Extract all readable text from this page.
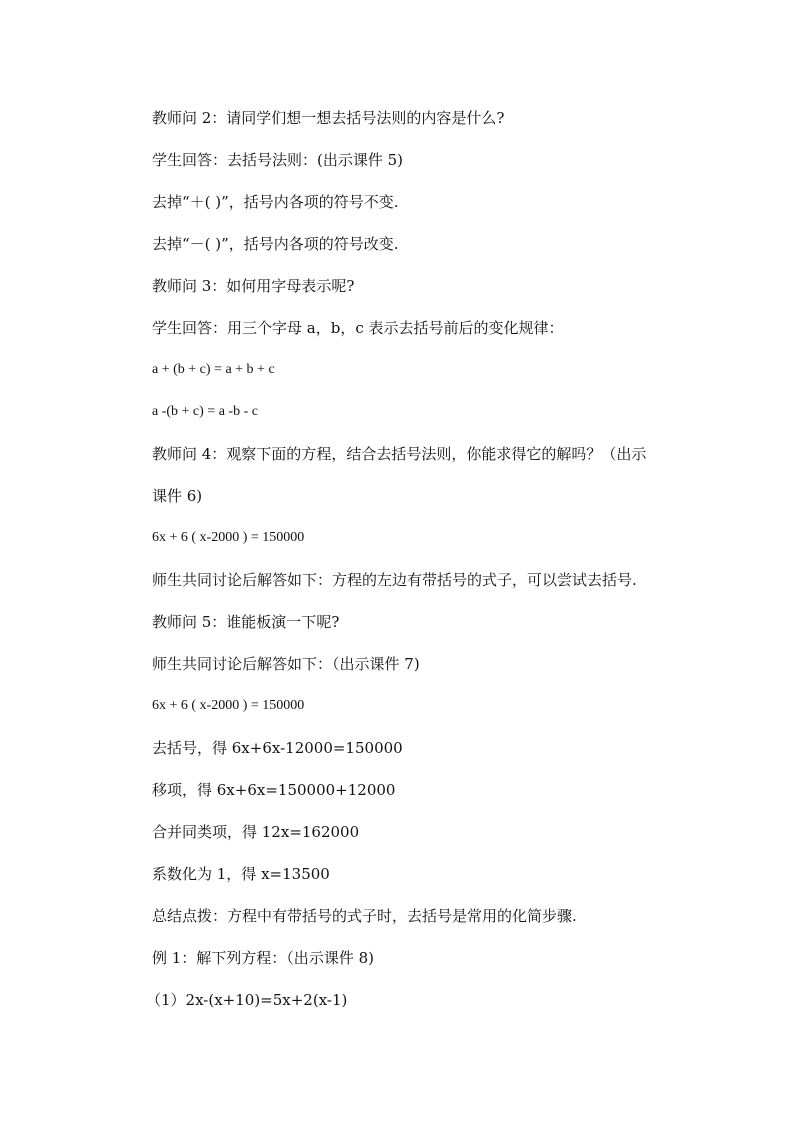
教师问 2：请同学们想一想去括号法则的内容是什么?
学生回答：去括号法则：(出示课件 5)
去掉“＋( )”，括号内各项的符号不变.
去掉“－( )”，括号内各项的符号改变.
教师问 3：如何用字母表示呢?
学生回答：用三个字母 a，b，c 表示去括号前后的变化规律：
a + (b + c) = a + b + c
a -(b + c) = a -b - c
教师问 4：观察下面的方程，结合去括号法则，你能求得它的解吗？（出示
课件 6)
6x + 6 ( x-2000 ) = 150000
师生共同讨论后解答如下：方程的左边有带括号的式子，可以尝试去括号.
教师问 5：谁能板演一下呢?
师生共同讨论后解答如下：（出示课件 7)
6x + 6 ( x-2000 ) = 150000
去括号，得 6x+6x-12000=150000
移项，得 6x+6x=150000+12000
合并同类项，得 12x=162000
系数化为 1，得 x=13500
总结点拨：方程中有带括号的式子时，去括号是常用的化简步骤.
例 1：解下列方程：（出示课件 8)
（1）2x-(x+10)=5x+2(x-1)
